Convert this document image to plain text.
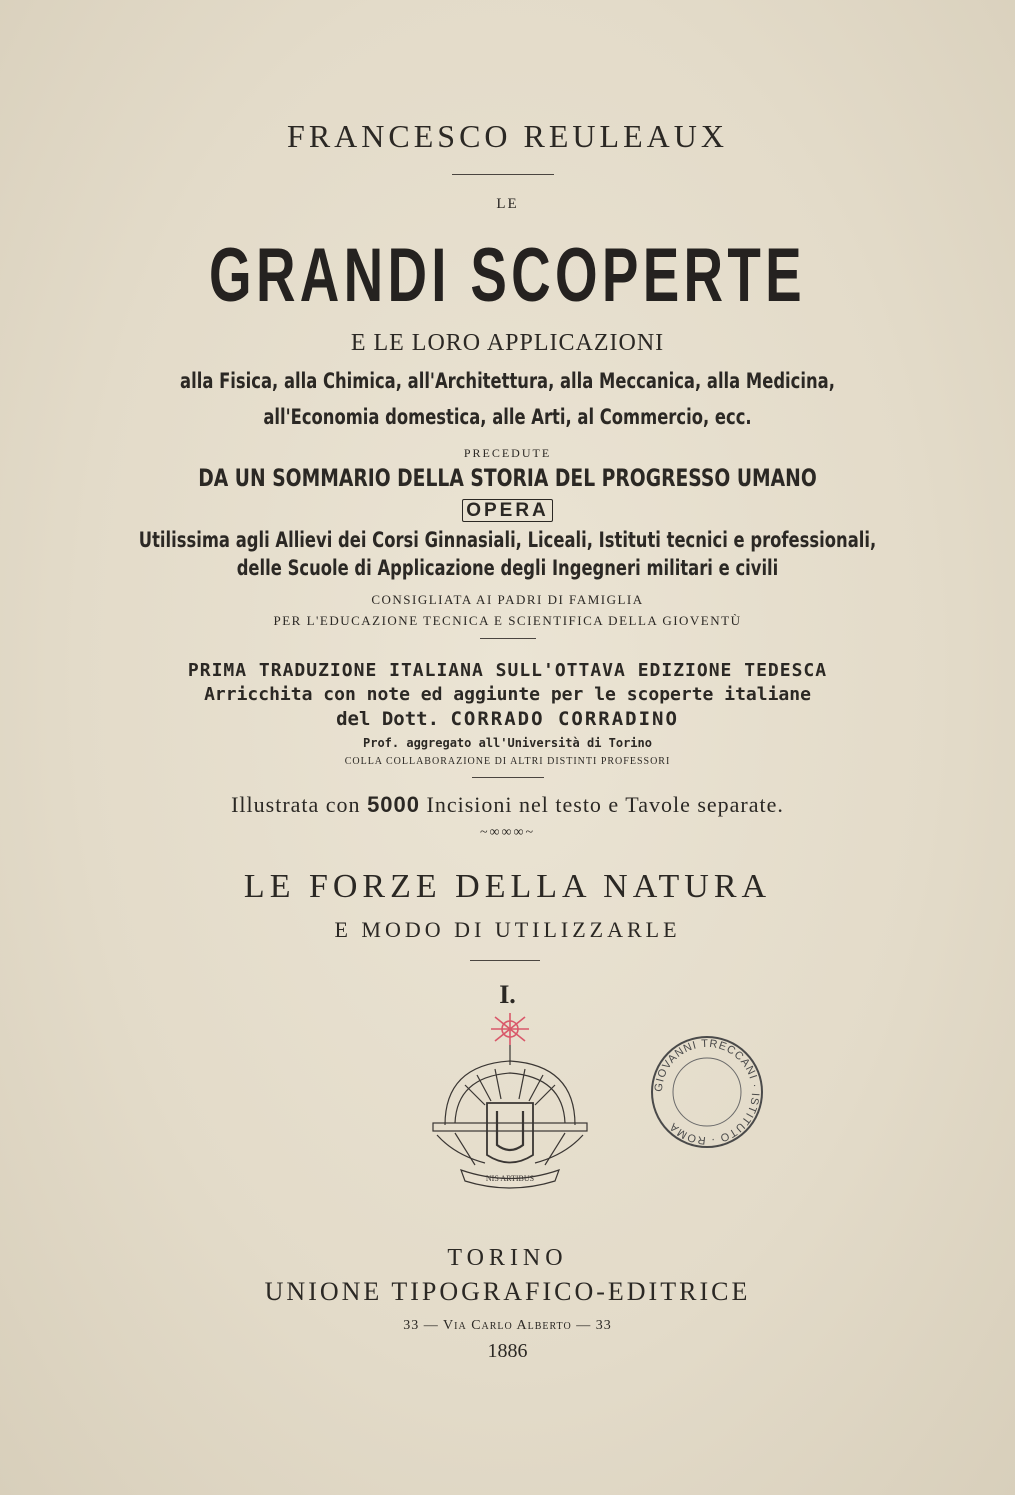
FRANCESCO REULEAUX
LE
GRANDI SCOPERTE
E LE LORO APPLICAZIONI
alla Fisica, alla Chimica, all'Architettura, alla Meccanica, alla Medicina,
all'Economia domestica, alle Arti, al Commercio, ecc.
PRECEDUTE
DA UN SOMMARIO DELLA STORIA DEL PROGRESSO UMANO
OPERA
Utilissima agli Allievi dei Corsi Ginnasiali, Liceali, Istituti tecnici e professionali,
delle Scuole di Applicazione degli Ingegneri militari e civili
CONSIGLIATA AI PADRI DI FAMIGLIA
PER L'EDUCAZIONE TECNICA E SCIENTIFICA DELLA GIOVENTÙ
PRIMA TRADUZIONE ITALIANA SULL'OTTAVA EDIZIONE TEDESCA
Arricchita con note ed aggiunte per le scoperte italiane
del Dott. CORRADO CORRADINO
Prof. aggregato all'Università di Torino
COLLA COLLABORAZIONE DI ALTRI DISTINTI PROFESSORI
Illustrata con 5000 Incisioni nel testo e Tavole separate.
~∞∞∞~
LE FORZE DELLA NATURA
E MODO DI UTILIZZARLE
I.
NIS ARTIBUS
GIOVANNI TRECCANI · ISTITUTO · ROMA
TORINO
UNIONE TIPOGRAFICO-EDITRICE
33 — Via Carlo Alberto — 33
1886
